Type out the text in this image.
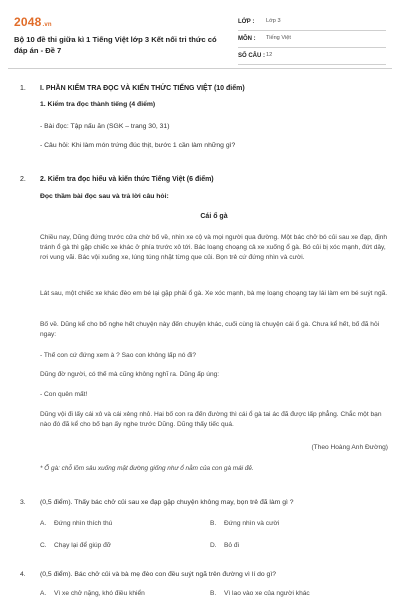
2048.vn
Bộ 10 đề thi giữa kì 1 Tiếng Việt lớp 3 Kết nối tri thức có đáp án - Đề 7
LỚP :	Lớp 3
MÔN :	Tiếng Việt
SỐ CÂU : 12
1. I. PHẦN KIỂM TRA ĐỌC VÀ KIẾN THỨC TIẾNG VIỆT (10 điểm)
1. Kiểm tra đọc thành tiếng (4 điểm)
- Bài đọc: Tập nấu ăn (SGK – trang 30, 31)
- Câu hỏi: Khi làm món trứng đúc thịt, bước 1 cần làm những gì?
2. 2. Kiểm tra đọc hiểu và kiến thức Tiếng Việt (6 điểm)
Đọc thầm bài đọc sau và trả lời câu hỏi:
Cái ổ gà
Chiều nay, Dũng đứng trước cửa chờ bố về, nhìn xe cộ và mọi người qua đường. Một bác chở bó củi sau xe đạp, định tránh ổ gà thì gặp chiếc xe khác ở phía trước xô tới. Bác loạng choạng cả xe xuống ổ gà. Bó củi bị xóc mạnh, đứt dây, rơi vung vãi. Bác vội xuống xe, lúng túng nhặt từng que củi. Bọn trẻ cứ đứng nhìn và cười.
Lát sau, một chiếc xe khác đèo em bé lại gặp phải ổ gà. Xe xóc mạnh, bà mẹ loạng choạng tay lái làm em bé suýt ngã.
Bố về. Dũng kể cho bố nghe hết chuyện này đến chuyện khác, cuối cùng là chuyện cái ổ gà. Chưa kể hết, bố đã hỏi ngay:
- Thế con cứ đứng xem à ? Sao con không lấp nó đi?
Dũng đờ người, có thế mà cũng không nghĩ ra. Dũng ấp úng:
- Con quên mất!
Dũng vội đi lấy cái xô và cái xẻng nhỏ. Hai bố con ra đến đường thì cái ổ gà tai ác đã được lấp phẳng. Chắc một bạn nào đó đã kể cho bố bạn ấy nghe trước Dũng. Dũng thấy tiếc quá.
(Theo Hoàng Anh Đường)
* Ổ gà: chỗ lõm sâu xuống mặt đường giống như ổ nằm của con gà mái đẻ.
3. (0,5 điểm). Thấy bác chở củi sau xe đạp gặp chuyện không may, bọn trẻ đã làm gì ?
A. Đứng nhìn thích thú	B. Đứng nhìn và cười
C. Chạy lại để giúp đỡ	D. Bỏ đi
4. (0,5 điểm). Bác chở củi và bà mẹ đèo con đều suýt ngã trên đường vì lí do gì?
A. Vì xe chở nặng, khó điều khiển	B. Vì lao vào xe của người khác
